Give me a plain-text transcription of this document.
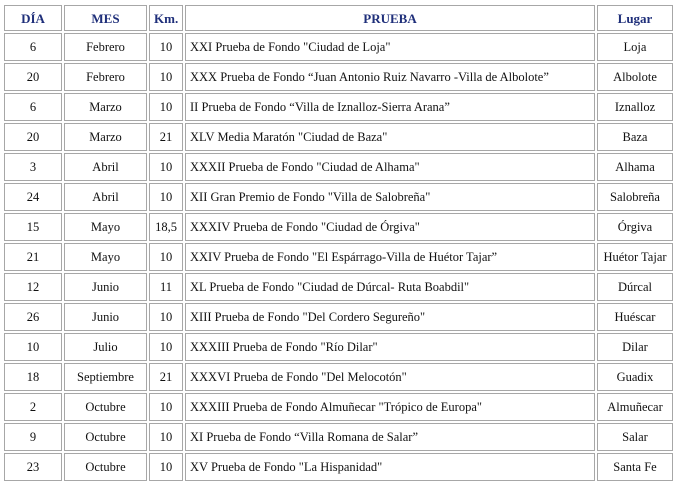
DÍA	MES	Km.	PRUEBA	Lugar
6	Febrero	10	XXI Prueba de Fondo "Ciudad de Loja"	Loja
20	Febrero	10	XXX Prueba de Fondo “Juan Antonio Ruiz Navarro -Villa de Albolote”	Albolote
6	Marzo	10	II Prueba de Fondo “Villa de Iznalloz-Sierra Arana”	Iznalloz
20	Marzo	21	XLV Media Maratón "Ciudad de Baza"	Baza
3	Abril	10	XXXII Prueba de Fondo "Ciudad de Alhama"	Alhama
24	Abril	10	XII Gran Premio de Fondo "Villa de Salobreña"	Salobreña
15	Mayo	18,5	XXXIV Prueba de Fondo "Ciudad de Órgiva"	Órgiva
21	Mayo	10	XXIV Prueba de Fondo "El Espárrago-Villa de Huétor Tajar”	Huétor Tajar
12	Junio	11	XL Prueba de Fondo "Ciudad de Dúrcal- Ruta Boabdil"	Dúrcal
26	Junio	10	XIII Prueba de Fondo "Del Cordero Segureño"	Huéscar
10	Julio	10	XXXIII Prueba de Fondo "Río Dilar"	Dilar
18	Septiembre	21	XXXVI Prueba de Fondo "Del Melocotón"	Guadix
2	Octubre	10	XXXIII Prueba de Fondo Almuñecar "Trópico de Europa"	Almuñecar
9	Octubre	10	XI Prueba de Fondo “Villa Romana de Salar”	Salar
23	Octubre	10	XV Prueba de Fondo "La Hispanidad"	Santa Fe
